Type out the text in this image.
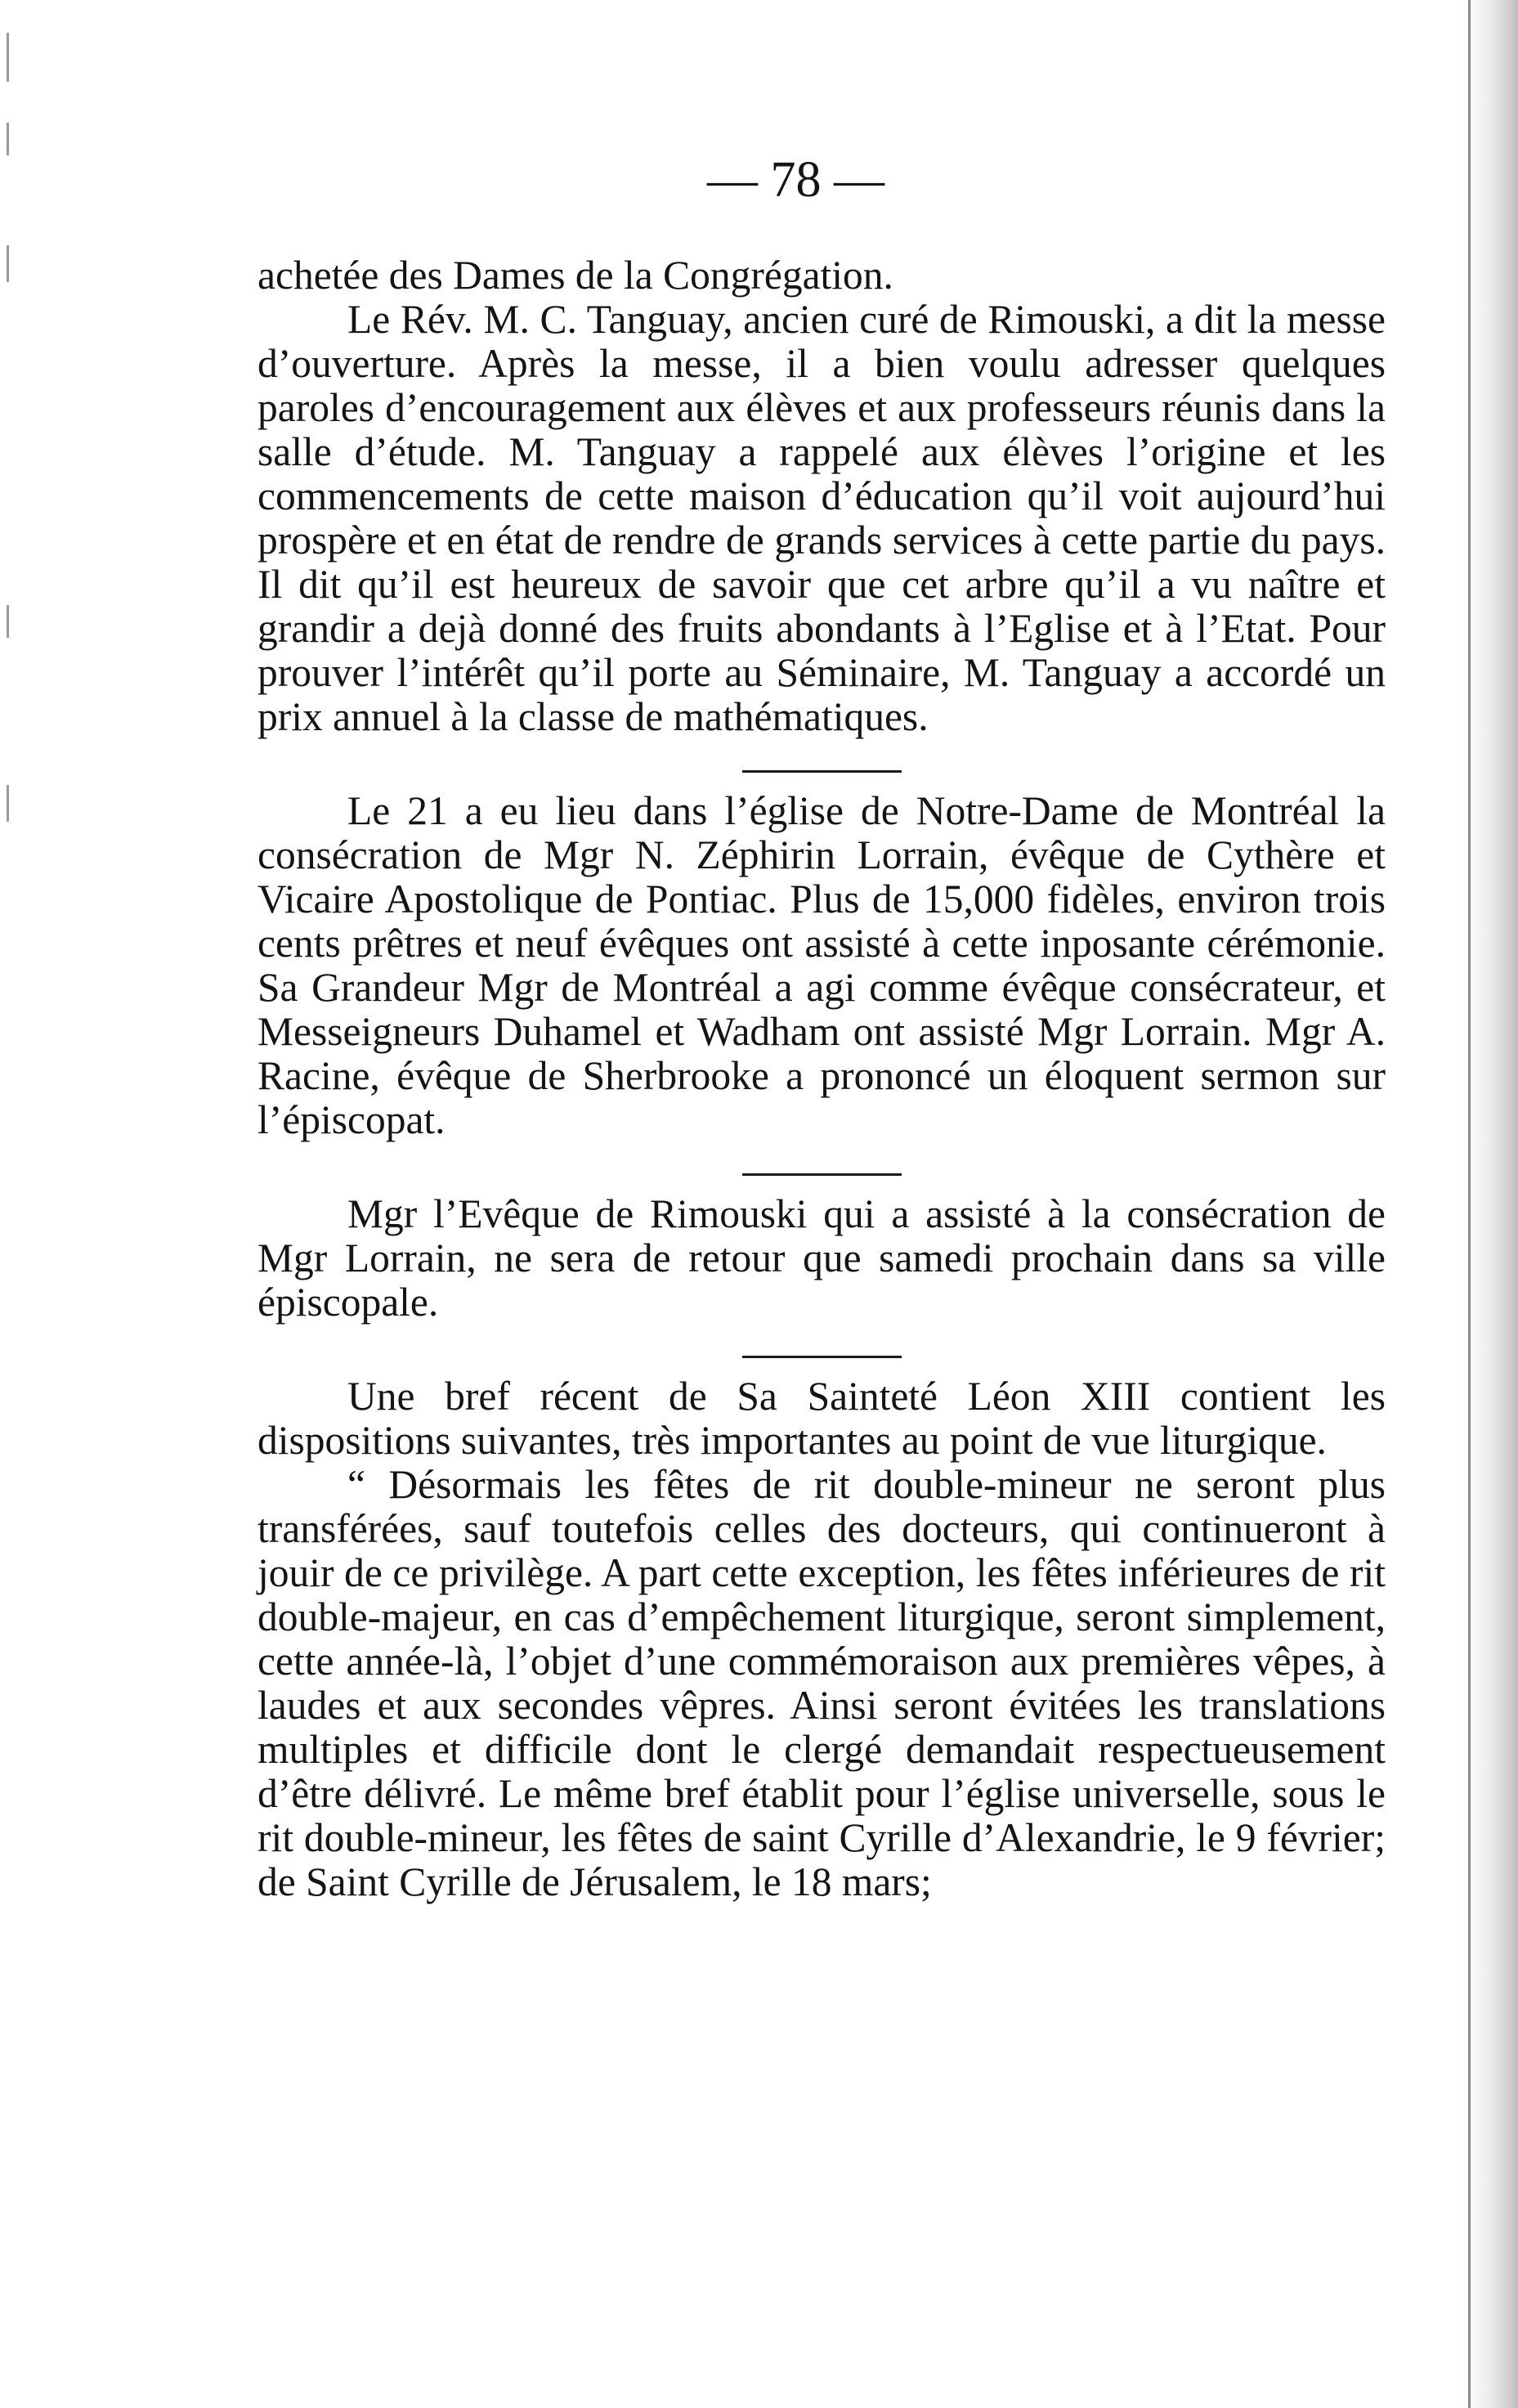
— 78 —

achetée des Dames de la Congrégation.

Le Rév. M. C. Tanguay, ancien curé de Rimouski, a dit la messe d’ouverture. Après la messe, il a bien voulu adresser quelques paroles d’encouragement aux élèves et aux professeurs réunis dans la salle d’étude. M. Tanguay a rappelé aux élèves l’origine et les commencements de cette maison d’éducation qu’il voit aujourd’hui prospère et en état de rendre de grands services à cette partie du pays. Il dit qu’il est heureux de savoir que cet arbre qu’il a vu naître et grandir a dejà donné des fruits abondants à l’Eglise et à l’Etat. Pour prouver l’intérêt qu’il porte au Séminaire, M. Tanguay a accordé un prix annuel à la classe de mathématiques.

Le 21 a eu lieu dans l’église de Notre-Dame de Montréal la consécration de Mgr N. Zéphirin Lorrain, évêque de Cythère et Vicaire Apostolique de Pontiac. Plus de 15,000 fidèles, environ trois cents prêtres et neuf évêques ont assisté à cette inposante cérémonie. Sa Grandeur Mgr de Montréal a agi comme évêque consécrateur, et Messeigneurs Duhamel et Wadham ont assisté Mgr Lorrain. Mgr A. Racine, évêque de Sherbrooke a prononcé un éloquent sermon sur l’épiscopat.

Mgr l’Evêque de Rimouski qui a assisté à la consécration de Mgr Lorrain, ne sera de retour que samedi prochain dans sa ville épiscopale.

Une bref récent de Sa Sainteté Léon XIII contient les dispositions suivantes, très importantes au point de vue liturgique.

“ Désormais les fêtes de rit double-mineur ne seront plus transférées, sauf toutefois celles des docteurs, qui continueront à jouir de ce privilège. A part cette exception, les fêtes inférieures de rit double-majeur, en cas d’empêchement liturgique, seront simplement, cette année-là, l’objet d’une commémoraison aux premières vêpes, à laudes et aux secondes vêpres. Ainsi seront évitées les translations multiples et difficile dont le clergé demandait respectueusement d’être délivré. Le même bref établit pour l’église universelle, sous le rit double-mineur, les fêtes de saint Cyrille d’Alexandrie, le 9 février; de Saint Cyrille de Jérusalem, le 18 mars;
